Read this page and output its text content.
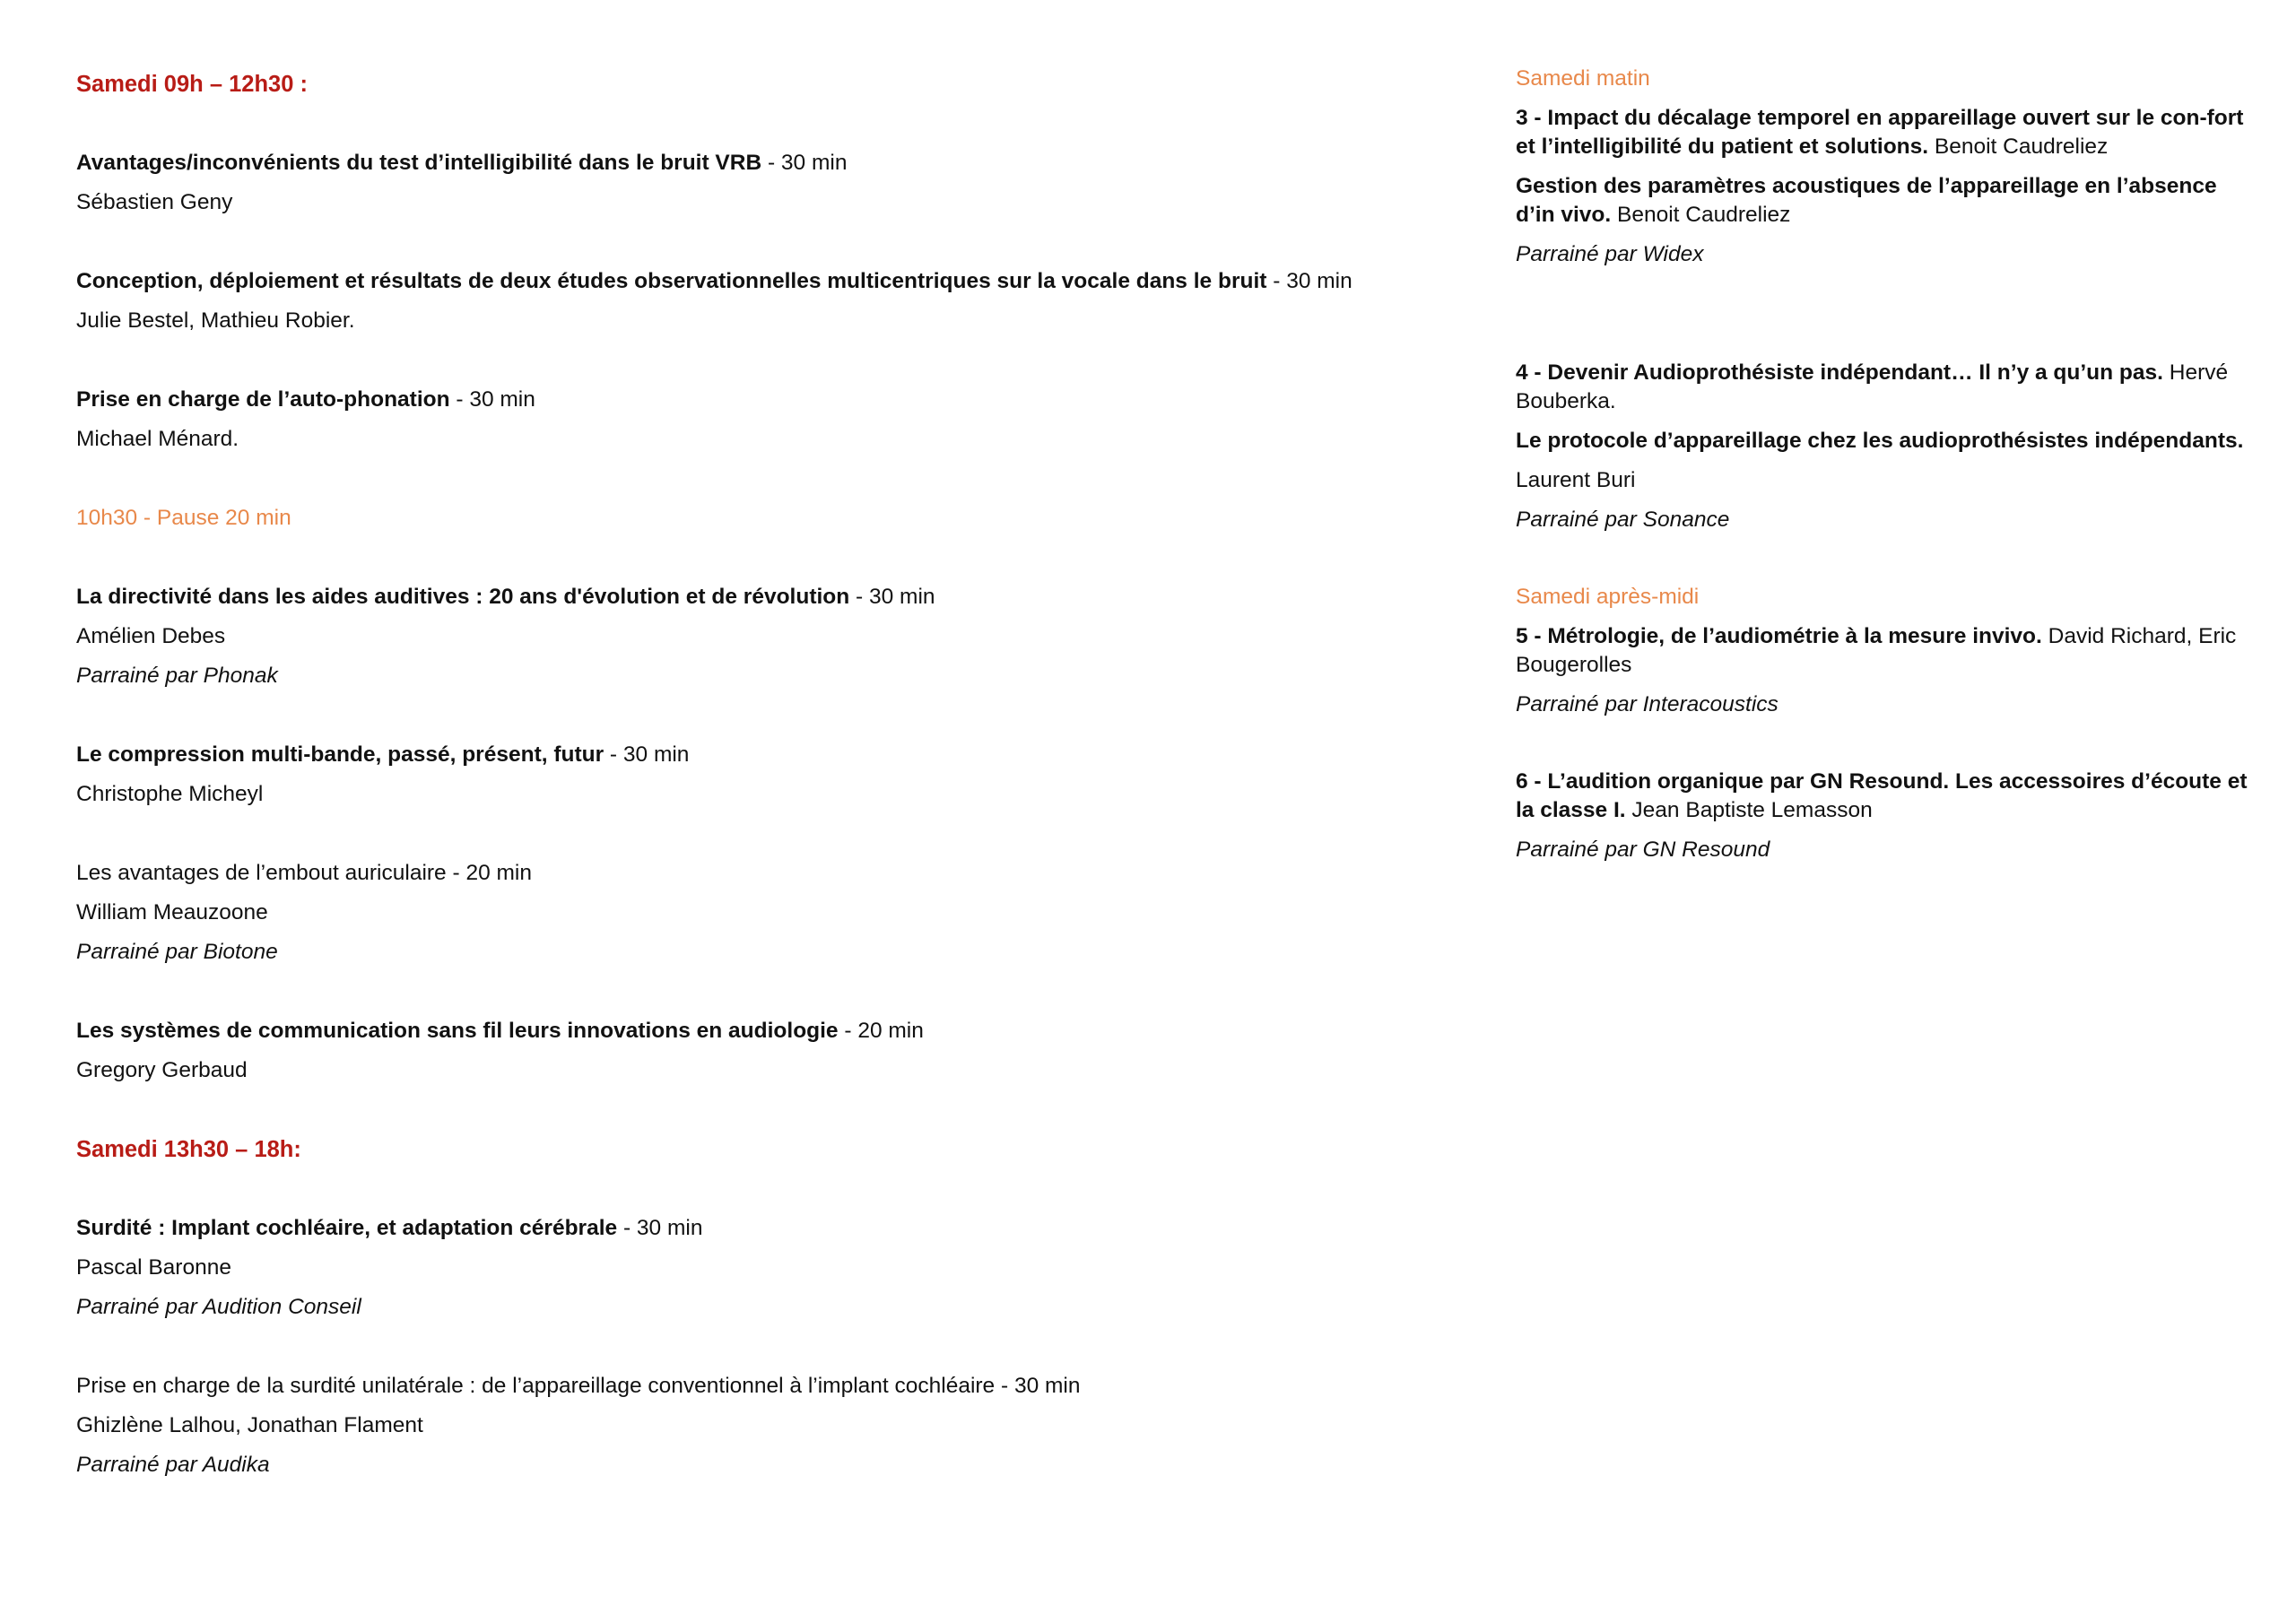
Samedi 09h – 12h30 :
Avantages/inconvénients du test d’intelligibilité dans le bruit VRB - 30 min
Sébastien Geny
Conception, déploiement et résultats de deux études observationnelles multicentriques sur la vocale dans le bruit - 30 min
Julie Bestel, Mathieu Robier.
Prise en charge de l’auto-phonation - 30 min
Michael Ménard.
10h30 - Pause 20 min
La directivité dans les aides auditives : 20 ans d'évolution et de révolution - 30 min
Amélien Debes
Parrainé par Phonak
Le compression multi-bande, passé, présent, futur - 30 min
Christophe Micheyl
Les avantages de l’embout auriculaire - 20 min
William Meauzoone
Parrainé par Biotone
Les systèmes de communication sans fil leurs innovations en audiologie - 20 min
Gregory Gerbaud
Samedi 13h30 – 18h:
Surdité : Implant cochléaire, et adaptation cérébrale - 30 min
Pascal Baronne
Parrainé par Audition Conseil
Prise en charge de la surdité unilatérale : de l’appareillage conventionnel à l’implant cochléaire - 30 min
Ghizlène Lalhou, Jonathan Flament
Parrainé par Audika
Samedi matin
3 - Impact du décalage temporel en appareillage ouvert sur le con-fort et l’intelligibilité du patient et solutions. Benoit Caudreliez
Gestion des paramètres acoustiques de l’appareillage en l’absence d’in vivo. Benoit Caudreliez
Parrainé par Widex
4 - Devenir Audioprothésiste indépendant… Il n’y a qu’un pas. Hervé Bouberka.
Le protocole d’appareillage chez les audioprothésistes indépendants.
Laurent Buri
Parrainé par Sonance
Samedi après-midi
5 - Métrologie, de l’audiométrie à la mesure invivo. David Richard, Eric Bougerolles
Parrainé par Interacoustics
6 - L’audition organique par GN Resound. Les accessoires d’écoute et la classe I. Jean Baptiste Lemasson
Parrainé par GN Resound
